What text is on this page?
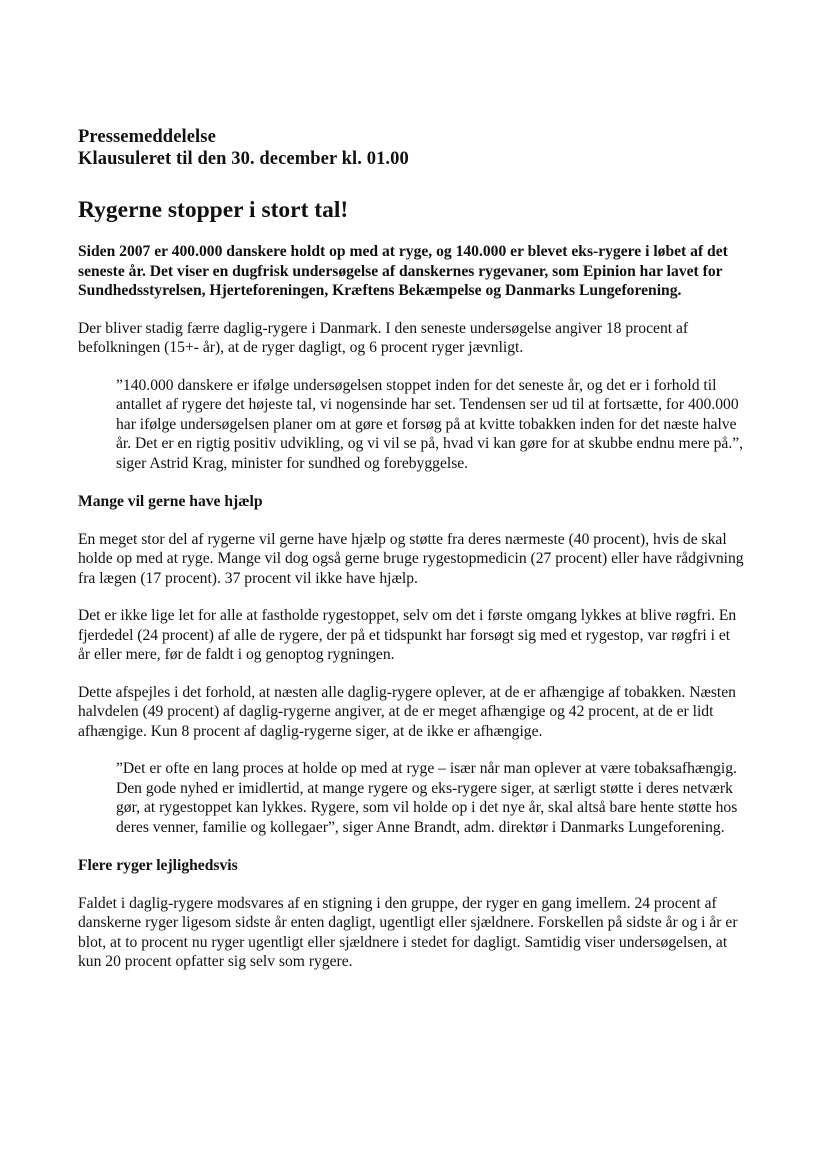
Pressemeddelelse

Klausuleret til den 30. december kl. 01.00

Rygerne stopper i stort tal!

Siden 2007 er 400.000 danskere holdt op med at ryge, og 140.000 er blevet eks-rygere i løbet af det seneste år. Det viser en dugfrisk undersøgelse af danskernes rygevaner, som Epinion har lavet for Sundhedsstyrelsen, Hjerteforeningen, Kræftens Bekæmpelse og Danmarks Lungeforening.

Der bliver stadig færre daglig-rygere i Danmark. I den seneste undersøgelse angiver 18 procent af befolkningen (15+- år), at de ryger dagligt, og 6 procent ryger jævnligt.

”140.000 danskere er ifølge undersøgelsen stoppet inden for det seneste år, og det er i forhold til antallet af rygere det højeste tal, vi nogensinde har set. Tendensen ser ud til at fortsætte, for 400.000 har ifølge undersøgelsen planer om at gøre et forsøg på at kvitte tobakken inden for det næste halve år. Det er en rigtig positiv udvikling, og vi vil se på, hvad vi kan gøre for at skubbe endnu mere på.”, siger Astrid Krag, minister for sundhed og forebyggelse.

Mange vil gerne have hjælp

En meget stor del af rygerne vil gerne have hjælp og støtte fra deres nærmeste (40 procent), hvis de skal holde op med at ryge. Mange vil dog også gerne bruge rygestopmedicin (27 procent) eller have rådgivning fra lægen (17 procent). 37 procent vil ikke have hjælp.

Det er ikke lige let for alle at fastholde rygestoppet, selv om det i første omgang lykkes at blive røgfri. En fjerdedel (24 procent) af alle de rygere, der på et tidspunkt har forsøgt sig med et rygestop, var røgfri i et år eller mere, før de faldt i og genoptog rygningen.

Dette afspejles i det forhold, at næsten alle daglig-rygere oplever, at de er afhængige af tobakken. Næsten halvdelen (49 procent) af daglig-rygerne angiver, at de er meget afhængige og 42 procent, at de er lidt afhængige. Kun 8 procent af daglig-rygerne siger, at de ikke er afhængige.

”Det er ofte en lang proces at holde op med at ryge – især når man oplever at være tobaksafhængig. Den gode nyhed er imidlertid, at mange rygere og eks-rygere siger, at særligt støtte i deres netværk gør, at rygestoppet kan lykkes. Rygere, som vil holde op i det nye år, skal altså bare hente støtte hos deres venner, familie og kollegaer”, siger Anne Brandt, adm. direktør i Danmarks Lungeforening.

Flere ryger lejlighedsvis

Faldet i daglig-rygere modsvares af en stigning i den gruppe, der ryger en gang imellem. 24 procent af danskerne ryger ligesom sidste år enten dagligt, ugentligt eller sjældnere. Forskellen på sidste år og i år er blot, at to procent nu ryger ugentligt eller sjældnere i stedet for dagligt. Samtidig viser undersøgelsen, at kun 20 procent opfatter sig selv som rygere.
